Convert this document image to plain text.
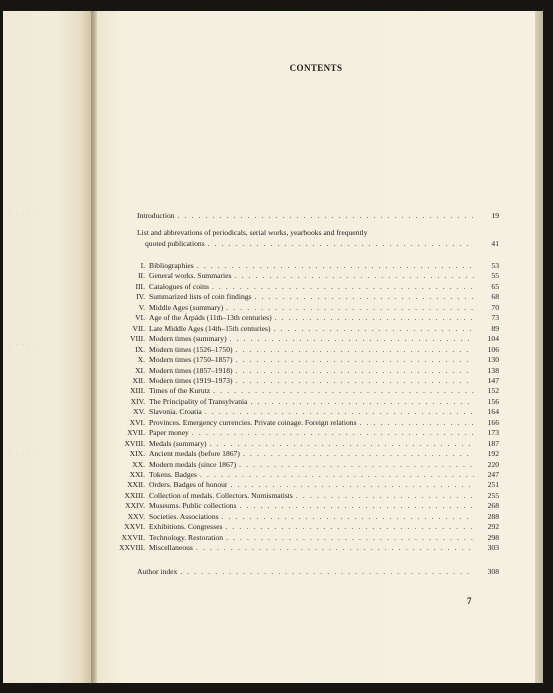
· · · · ·
· · · · ·
· · · · ·
CONTENTS
Introduction . . .	19
List and abbrevations of periodicals, serial works, yearbooks and frequently
quoted publications . . .	41
I. Bibliographies . . .	53
II. General works. Summaries . . .	55
III. Catalogues of coins . . .	65
IV. Summarized lists of coin findings . . .	68
V. Middle Ages (summary) . . .	70
VI. Age of the Árpáds (11th–13th centuries) . . .	73
VII. Late Middle Ages (14th–15th centuries) . . .	89
VIII. Modern times (summary) . . .	104
IX. Modern times (1526–1750) . . .	106
X. Modern times (1750–1857) . . .	130
XI. Modern times (1857–1918) . . .	138
XII. Modern times (1919–1973) . . .	147
XIII. Times of the Kurutz . . .	152
XIV. The Principality of Transylvania . . .	156
XV. Slavonia. Croatia . . .	164
XVI. Provinces. Emergency currencies. Private coinage. Foreign relations . . .	166
XVII. Paper money . . .	173
XVIII. Medals (summary) . . .	187
XIX. Ancient medals (before 1867) . . .	192
XX. Modern medals (since 1867) . . .	220
XXI. Tokens. Badges . . .	247
XXII. Orders. Badges of honour . . .	251
XXIII. Collection of medals. Collectors. Numismatists . . .	255
XXIV. Museums. Public collections . . .	268
XXV. Societies. Associations . . .	288
XXVI. Exhibitions. Congresses . . .	292
XXVII. Technology. Restoration . . .	298
XXVIII. Miscellaneous . . .	303
Author index . . .	308
7
